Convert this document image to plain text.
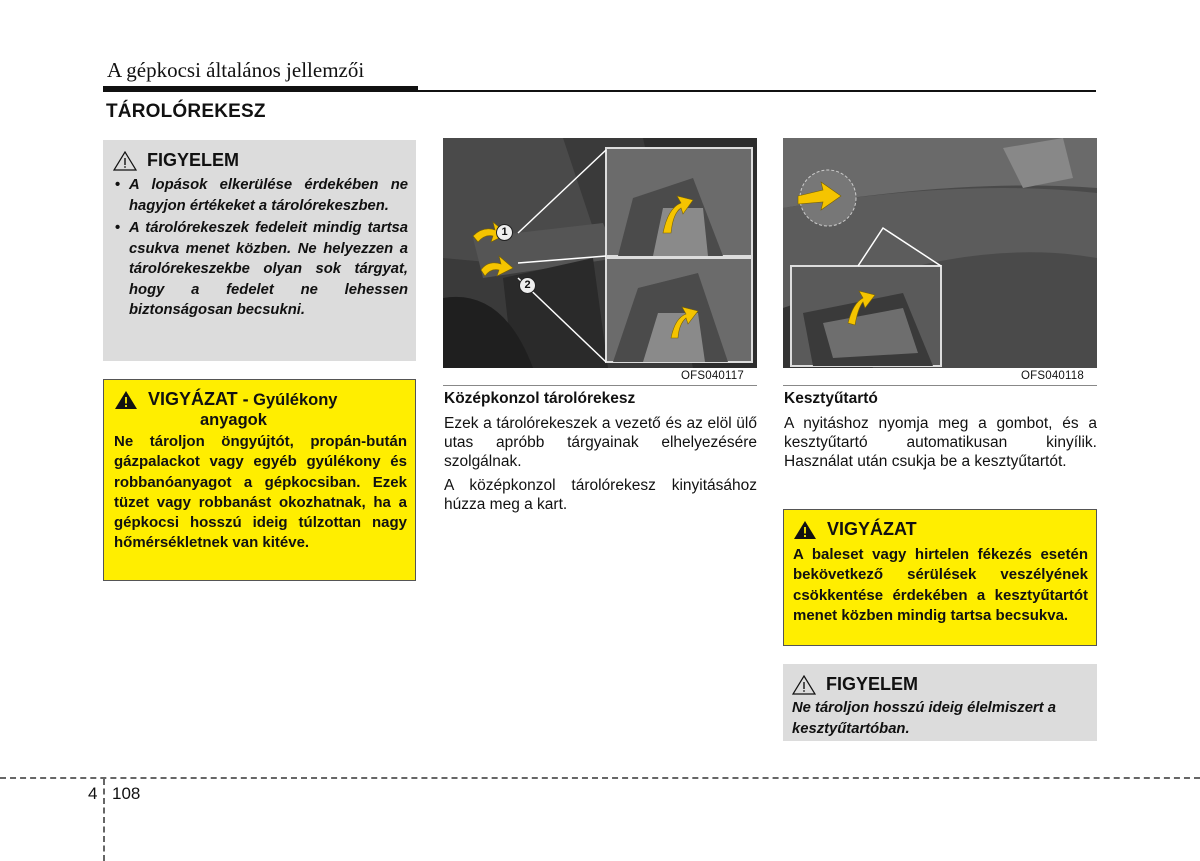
A gépkocsi általános jellemzői
TÁROLÓREKESZ
FIGYELEM
• A lopások elkerülése érdekében ne hagyjon értékeket a tárolórekeszben.
• A tárolórekeszek fedeleit mindig tartsa csukva menet közben. Ne helyezzen a tárolórekeszekbe olyan sok tárgyat, hogy a fedelet ne lehessen biztonságosan becsukni.
VIGYÁZAT - Gyúlékony
anyagok
Ne tároljon öngyújtót, propán-bután gázpalackot vagy egyéb gyúlékony és robbanóanyagot a gépkocsiban. Ezek tüzet vagy robbanást okozhatnak, ha a gépkocsi hosszú ideig túlzottan nagy hőmérsékletnek van kitéve.
1
2
OFS040117
Középkonzol tárolórekesz
Ezek a tárolórekeszek a vezető és az elöl ülő utas apróbb tárgyainak elhelyezésére szolgálnak.
A középkonzol tárolórekesz kinyitásához húzza meg a kart.
OFS040118
Kesztyűtartó
A nyitáshoz nyomja meg a gombot, és a kesztyűtartó automatikusan kinyílik. Használat után csukja be a kesztyűtartót.
VIGYÁZAT
A baleset vagy hirtelen fékezés esetén bekövetkező sérülések veszélyének csökkentése érdekében a kesztyűtartót menet közben mindig tartsa becsukva.
FIGYELEM
Ne tároljon hosszú ideig élelmiszert a kesztyűtartóban.
4 108
